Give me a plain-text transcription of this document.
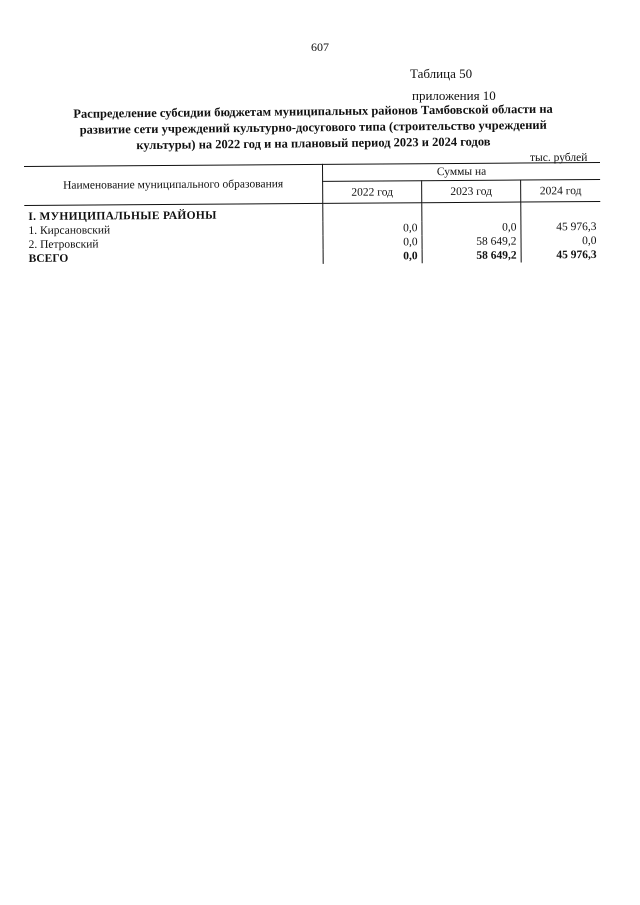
607
Таблица 50
приложения 10
Распределение субсидии бюджетам муниципальных районов Тамбовской области на развитие сети учреждений культурно-досугового типа (строительство учреждений культуры) на 2022 год и на плановый период 2023 и 2024 годов
тыс. рублей
Наименование муниципального образования	Суммы на		
	2022 год	2023 год	2024 год
I. МУНИЦИПАЛЬНЫЕ РАЙОНЫ			
1. Кирсановский	0,0	0,0	45 976,3
2. Петровский	0,0	58 649,2	0,0
ВСЕГО	0,0	58 649,2	45 976,3
